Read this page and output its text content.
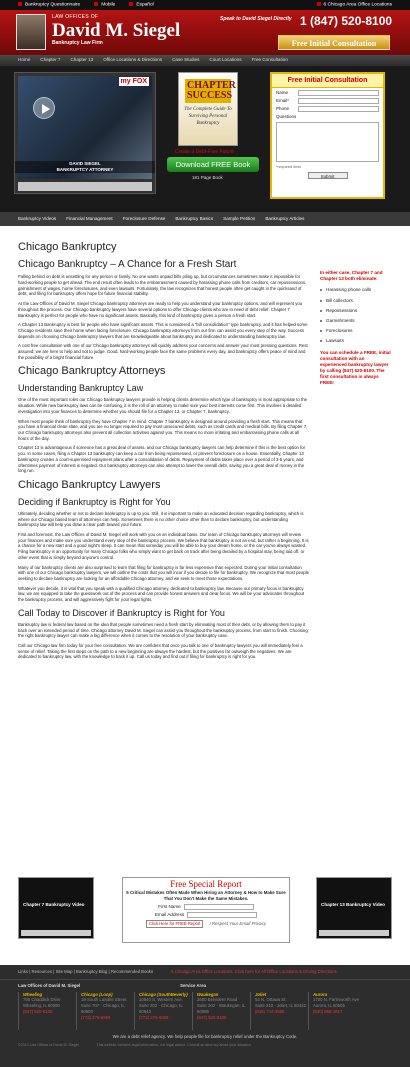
Bankruptcy Questionnaire	Mobile	Español	6 Chicago Area Office Locations
LAW OFFICES OF
David M. Siegel
Bankruptcy Law Firm
Speak to David Siegel Directly 1 (847) 520-8100
Free Initial Consultation
Home Chapter 7 Chapter 13 Office Locations & Directions Case Studies Court Locations Free Consultation
my FOX
DAVID SIEGEL
BANKRUPTCY ATTORNEY
CHAPTER SUCCESS
The Complete Guide To Surviving Personal Bankruptcy
Create a Debt-Free Future
Download FREE Book
181 Page Book
Free Initial Consultation
Name
Email*
Phone
Questions
*required field
Submit
Bankruptcy Videos Financial Management Foreclosure Defense Bankruptcy Basics Sample Petition Bankruptcy Articles
Chicago Bankruptcy
Chicago Bankruptcy – A Chance for a Fresh Start

Falling behind on debt is unsettling for any person or family. No one wants unpaid bills piling up, but circumstances sometimes make it impossible for hard-working people to get ahead. The end result often leads to the embarrassment caused by harassing phone calls from creditors, car repossessions, garnishment of wages, home foreclosures, and even lawsuits. Fortunately, the law recognizes that honest people often get caught in the quicksand of debt, and filing for bankruptcy offers hope for future financial stability.

At the Law Offices of David M. Siegel Chicago bankruptcy attorneys are ready to help you understand your bankruptcy options, and will represent you throughout the process. Our Chicago bankruptcy lawyers have several options to offer Chicago clients who are in need of debt relief. Chapter 7 Bankruptcy is perfect for people who have no significant assets. Basically, this kind of bankruptcy gives a person a fresh start.

A Chapter 13 Bankruptcy is best for people who have significant assets. This is considered a "bill consolidation" type bankruptcy, and it has helped some Chicago residents save their home when facing foreclosure. Chicago bankruptcy attorneys from our firm can assist you every step of the way. Success depends on choosing Chicago bankruptcy lawyers that are knowledgeable about bankruptcy and dedicated to understanding bankruptcy law.

A cost free consultation with one of our Chicago bankruptcy attorneys will quickly address your concerns and answer your most pressing questions. Rest assured; we are here to help and not to judge. Good, hard-working people face the same problems every day, and bankruptcy offers peace of mind and the possibility of a bright financial future.

Chicago Bankruptcy Attorneys
Understanding Bankruptcy Law

One of the most important roles our Chicago bankruptcy lawyers provide is helping clients determine which type of bankruptcy is most appropriate to the situation. While new bankruptcy laws can be confusing, it is the roll of an attorney to make sure your best interests come first. This involves a detailed investigation into your finances to determine whether you should file for a Chapter 13, or Chapter 7, bankruptcy.

When most people think of bankruptcy they have Chapter 7 in mind. Chapter 7 bankruptcy is designed around providing a fresh start. This means that you have a financial clean slate, and you are no longer required to pay most unsecured debts, such as credit cards and medical bills. By filing Chapter 7, our Chicago bankruptcy attorneys also prevent all collection activities against you. This means no more irritating and embarrassing phone calls at all hours of the day.

Chapter 13 is advantageous if someone has a great deal of assets, and our Chicago bankruptcy lawyers can help determine if this is the best option for you. In some cases, filing a Chapter 13 bankruptcy can keep a car from being repossessed, or prevent foreclosure on a house. Essentially, Chapter 13 bankruptcy creates a court-supervised repayment plans after a consolidation of debts. Repayment of debts takes place over a period of 3-5 years, and oftentimes payment of interest is negated. Our bankruptcy attorneys can also attempt to lower the overall debt, saving you a great deal of money in the long run.

Chicago Bankruptcy Lawyers
Deciding if Bankruptcy is Right for You

Ultimately, deciding whether or not to declare bankruptcy is up to you. Still, it is important to make an educated decision regarding bankruptcy, which is where our Chicago based team of attorneys can help. Sometimes there is no other choice other than to declare bankruptcy, but understanding bankruptcy law will help you draw a clear path toward your future.

First and foremost, the Law Offices of David M. Siegel will work with you on an individual basis. Our team of Chicago bankruptcy attorneys will review your finances and make sure you understand every step of the bankruptcy process. We believe that bankruptcy is not an end, but rather a beginning. It is a chance for a new start and a good night's sleep. It can mean that someday you will be able to buy your dream home, or the car you've always wanted. Filing bankruptcy is an opportunity for many Chicago folks who simply want to get back on track after being derailed by a hospital stay, being laid off, or other event that is simply beyond anyone's control.

Many of our bankruptcy clients are also surprised to learn that filing for bankruptcy is far less expensive than expected. During your initial consultation with one of our Chicago bankruptcy lawyers, we will outline the costs that you will incur if you decide to file for bankruptcy. We recognize that most people seeking to declare bankruptcy are looking for an affordable Chicago attorney, and we seek to meet those expectations.

Whatever you decide, it is vital that you speak with a qualified Chicago attorney, dedicated to bankruptcy law. Because our primary focus is bankruptcy law, we are equipped to take the guesswork out of the process and can provide honest answers and clear focus. We will be your advocates throughout the bankruptcy process, and will aggressively fight for your legal rights.

Call Today to Discover if Bankruptcy is Right for You

Bankruptcy law is federal law based on the idea that people sometimes need a fresh start by eliminating most of their debt, or by allowing them to pay it back over an extended period of time. Chicago attorney David M. Siegel can assist you throughout the bankruptcy process, from start to finish. Choosing the right bankruptcy lawyer can make a big difference when it comes to the resolution of your bankruptcy case.

Call our Chicago law firm today for your free consultation. We are confident that once you talk to one of bankruptcy lawyers you will immediately feel a sense of relief. Taking the first steps on the path to a new beginning are always the hardest, but the positives far outweigh the negatives. We are dedicated to bankruptcy law, with the knowledge to back it up. Call us today and find out if filing for bankruptcy is right for you.

In either case, Chapter 7 and Chapter 13 both eliminate:
Harassing phone calls
Bill collectors
Repossessions
Garnishments
Foreclosures
Lawsuits
You can schedule a FREE, initial consultation with an experienced bankruptcy lawyer by calling (847) 520-8100. The first consultation is always FREE!
Chapter 7 Bankruptcy Video
Free Special Report
5 Critical Mistakes Often Made When Hiring an Attorney & How to Make Sure That You Don't Make the Same Mistakes.
First Name
Email Address
Click Here for FREE Report I Respect Your Email Privacy
Chapter 13 Bankruptcy Video
Links | Resources | Site Map | Bankruptcy Blog | Recommended Books	6 Chicago Area Office Locations. Click here for All Office Locations & Driving Directions.
Law Offices of David M. Siegel	Service Area
Wheeling
790 Chaddick Drive
Wheeling, IL 60090
(847) 520-8100
Chicago (Loop)
19 South LaSalle Street
Suite 707 · Chicago, IL 60603
(773) 276-6969
Chicago (SouthBeverly)
10540 S. Western Ave.
Suite 202 · Chicago, IL 60643
(773) 276-6969
Waukegan
2600 Belvidere Road
Suite 202 · Waukegan, IL 60085
(847) 520-8100
Joliet
54 N. Ottawa St.
Suite 210 · Joliet, IL 60432
(815) 744-3588
Aurora
1700 N. Farnsworth Ave
Aurora, IL 60505
(630) 966-1617
We are a debt relief agency. We help people file for bankruptcy relief under the Bankruptcy Code.
©2012 Law Offices of David M. Siegel	This website contains legal information, not legal advice. Consult an attorney about your situation.
